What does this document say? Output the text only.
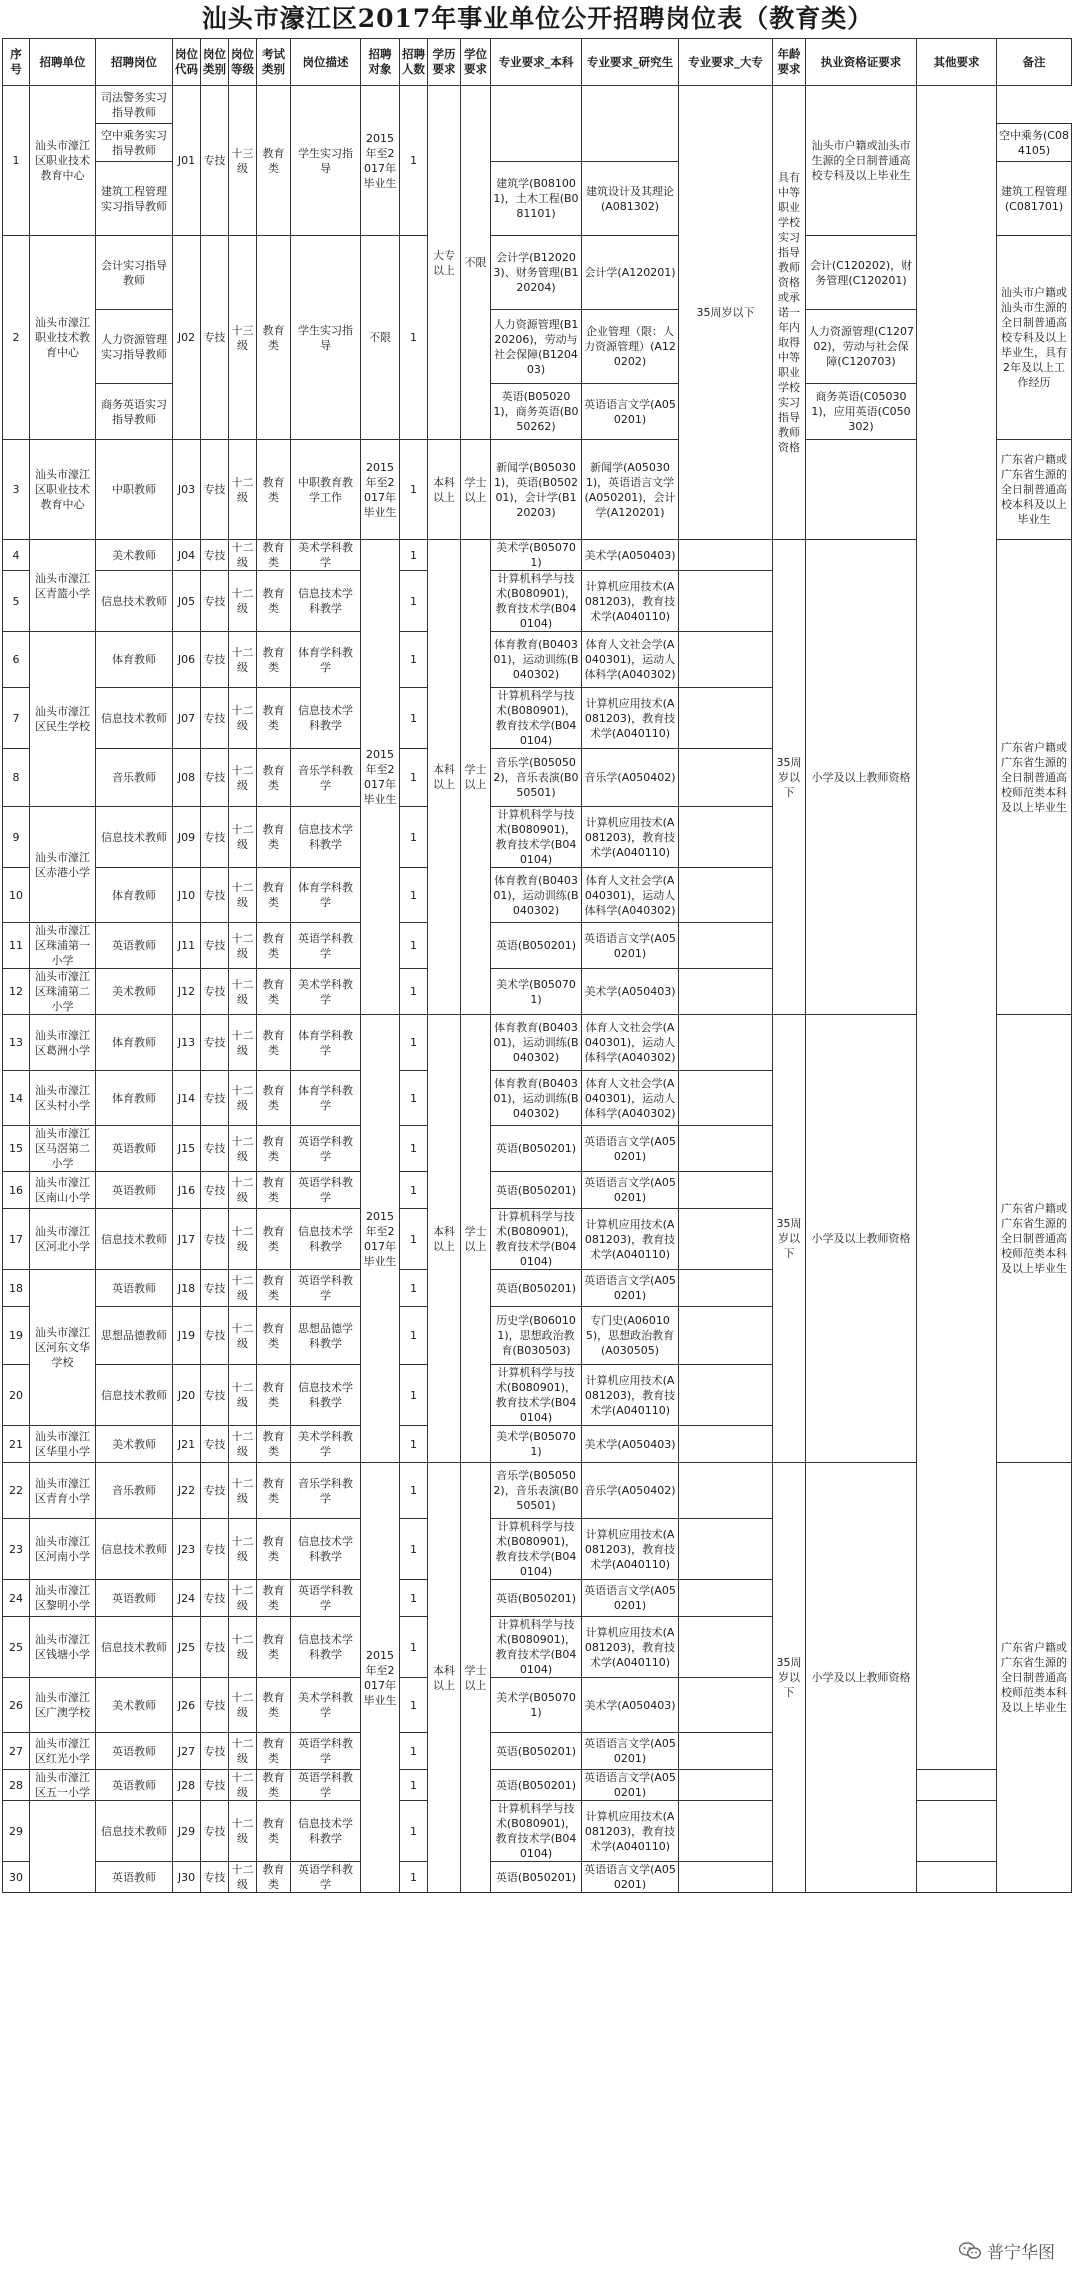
汕头市濠江区2017年事业单位公开招聘岗位表（教育类）
序号	招聘单位	招聘岗位	岗位代码	岗位类别	岗位等级	考试类别	岗位描述	招聘对象	招聘人数	学历要求	学位要求	专业要求_本科	专业要求_研究生	专业要求_大专	年龄要求	执业资格证要求	其他要求	备注
1	汕头市濠江区职业技术教育中心	司法警务实习指导教师	J01	专技	十三级	教育类	学生实习指导	2015年至2017年毕业生	1	大专以上	不限			35周岁以下	具有中等职业学校实习指导教师资格或承诺一年内取得中等职业学校实习指导教师资格	汕头市户籍或汕头市生源的全日制普通高校专科及以上毕业生		
		空中乘务实习指导教师																空中乘务(C084105)
		建筑工程管理实习指导教师										建筑学(B081001)，土木工程(B081101)	建筑设计及其理论(A081302)					建筑工程管理(C081701)
2	汕头市濠江职业技术教育中心	会计实习指导教师	J02	专技	十三级	教育类	学生实习指导	不限	1			会计学(B120203)、财务管理(B120204)	会计学(A120201)			会计(C120202)，财务管理(C120201)		汕头市户籍或汕头市生源的全日制普通高校专科及以上毕业生，具有2年及以上工作经历
		人力资源管理实习指导教师										人力资源管理(B120206)，劳动与社会保障(B120403)	企业管理（限：人力资源管理）(A120202)			人力资源管理(C120702)，劳动与社会保障(C120703)		
		商务英语实习指导教师										英语(B050201)，商务英语(B050262)	英语语言文学(A050201)			商务英语(C050301)，应用英语(C050302)		
3	汕头市濠江区职业技术教育中心	中职教师	J03	专技	十二级	教育类	中职教育教学工作	2015年至2017年毕业生	1	本科以上	学士以上	新闻学(B050301)，英语(B050201)，会计学(B120203)	新闻学(A050301)，英语语言文学(A050201)，会计学(A120201)					广东省户籍或广东省生源的全日制普通高校本科及以上毕业生
4	汕头市濠江区青篮小学	美术教师	J04	专技	十二级	教育类	美术学科教学	2015年至2017年毕业生	1	本科以上	学士以上	美术学(B050701)	美术学(A050403)		35周岁以下	小学及以上教师资格		广东省户籍或广东省生源的全日制普通高校师范类本科及以上毕业生
5		信息技术教师	J05	专技	十二级	教育类	信息技术学科教学		1			计算机科学与技术(B080901)，教育技术学(B040104)	计算机应用技术(A081203)，教育技术学(A040110)					
6	汕头市濠江区民生学校	体育教师	J06	专技	十二级	教育类	体育学科教学		1			体育教育(B040301)，运动训练(B040302)	体育人文社会学(A040301)，运动人体科学(A040302)					
7		信息技术教师	J07	专技	十二级	教育类	信息技术学科教学		1			计算机科学与技术(B080901)，教育技术学(B040104)	计算机应用技术(A081203)，教育技术学(A040110)					
8		音乐教师	J08	专技	十二级	教育类	音乐学科教学		1			音乐学(B050502)，音乐表演(B050501)	音乐学(A050402)					
9	汕头市濠江区赤港小学	信息技术教师	J09	专技	十二级	教育类	信息技术学科教学		1			计算机科学与技术(B080901)，教育技术学(B040104)	计算机应用技术(A081203)，教育技术学(A040110)					
10		体育教师	J10	专技	十二级	教育类	体育学科教学		1			体育教育(B040301)，运动训练(B040302)	体育人文社会学(A040301)，运动人体科学(A040302)					
11	汕头市濠江区珠浦第一小学	英语教师	J11	专技	十二级	教育类	英语学科教学		1			英语(B050201)	英语语言文学(A050201)					
12	汕头市濠江区珠浦第二小学	美术教师	J12	专技	十二级	教育类	美术学科教学		1			美术学(B050701)	美术学(A050403)					
13	汕头市濠江区葛洲小学	体育教师	J13	专技	十二级	教育类	体育学科教学	2015年至2017年毕业生	1	本科以上	学士以上	体育教育(B040301)，运动训练(B040302)	体育人文社会学(A040301)，运动人体科学(A040302)		35周岁以下	小学及以上教师资格		广东省户籍或广东省生源的全日制普通高校师范类本科及以上毕业生
14	汕头市濠江区头村小学	体育教师	J14	专技	十二级	教育类	体育学科教学		1			体育教育(B040301)，运动训练(B040302)	体育人文社会学(A040301)，运动人体科学(A040302)					
15	汕头市濠江区马滘第二小学	英语教师	J15	专技	十二级	教育类	英语学科教学		1			英语(B050201)	英语语言文学(A050201)					
16	汕头市濠江区南山小学	英语教师	J16	专技	十二级	教育类	英语学科教学		1			英语(B050201)	英语语言文学(A050201)					
17	汕头市濠江区河北小学	信息技术教师	J17	专技	十二级	教育类	信息技术学科教学		1			计算机科学与技术(B080901)，教育技术学(B040104)	计算机应用技术(A081203)，教育技术学(A040110)					
18	汕头市濠江区河东文华学校	英语教师	J18	专技	十二级	教育类	英语学科教学		1			英语(B050201)	英语语言文学(A050201)					
19		思想品德教师	J19	专技	十二级	教育类	思想品德学科教学		1			历史学(B060101)，思想政治教育(B030503)	专门史(A060105)，思想政治教育(A030505)					
20		信息技术教师	J20	专技	十二级	教育类	信息技术学科教学		1			计算机科学与技术(B080901)，教育技术学(B040104)	计算机应用技术(A081203)，教育技术学(A040110)					
21	汕头市濠江区华里小学	美术教师	J21	专技	十二级	教育类	美术学科教学		1			美术学(B050701)	美术学(A050403)					
22	汕头市濠江区青育小学	音乐教师	J22	专技	十二级	教育类	音乐学科教学	2015年至2017年毕业生	1	本科以上	学士以上	音乐学(B050502)，音乐表演(B050501)	音乐学(A050402)		35周岁以下	小学及以上教师资格		广东省户籍或广东省生源的全日制普通高校师范类本科及以上毕业生
23	汕头市濠江区河南小学	信息技术教师	J23	专技	十二级	教育类	信息技术学科教学		1			计算机科学与技术(B080901)，教育技术学(B040104)	计算机应用技术(A081203)，教育技术学(A040110)					
24	汕头市濠江区黎明小学	英语教师	J24	专技	十二级	教育类	英语学科教学		1			英语(B050201)	英语语言文学(A050201)					
25	汕头市濠江区钱塘小学	信息技术教师	J25	专技	十二级	教育类	信息技术学科教学		1			计算机科学与技术(B080901)，教育技术学(B040104)	计算机应用技术(A081203)，教育技术学(A040110)					
26	汕头市濠江区广澳学校	美术教师	J26	专技	十二级	教育类	美术学科教学		1			美术学(B050701)	美术学(A050403)					
27	汕头市濠江区红光小学	英语教师	J27	专技	十二级	教育类	英语学科教学		1			英语(B050201)	英语语言文学(A050201)					
28	汕头市濠江区五一小学	英语教师	J28	专技	十二级	教育类	英语学科教学		1			英语(B050201)	英语语言文学(A050201)					
29		信息技术教师	J29	专技	十二级	教育类	信息技术学科教学		1			计算机科学与技术(B080901)，教育技术学(B040104)	计算机应用技术(A081203)，教育技术学(A040110)					
30		英语教师	J30	专技	十二级	教育类	英语学科教学		1			英语(B050201)	英语语言文学(A050201)					
普宁华图
